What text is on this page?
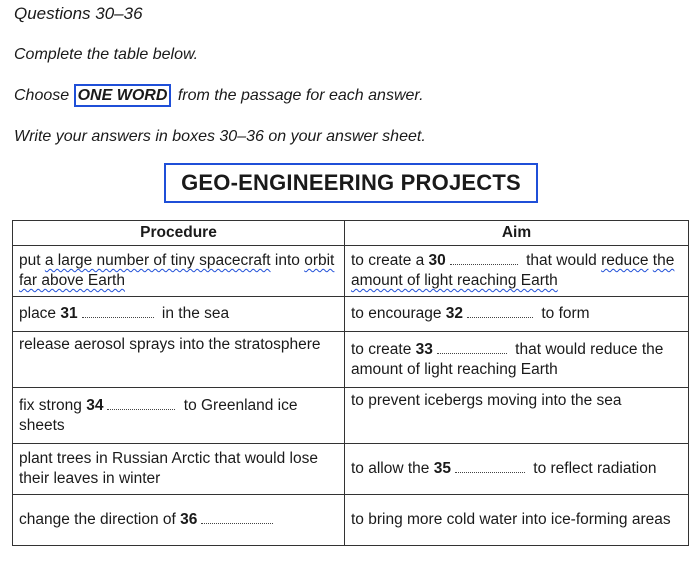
Questions 30–36
Complete the table below.
Choose ONE WORD from the passage for each answer.
Write your answers in boxes 30–36 on your answer sheet.
GEO-ENGINEERING PROJECTS
Procedure	Aim
put a large number of tiny spacecraft into orbit far above Earth	to create a 30 that would reduce the amount of light reaching Earth
place 31 in the sea	to encourage 32 to form
release aerosol sprays into the stratosphere	to create 33 that would reduce the amount of light reaching Earth
fix strong 34 to Greenland ice sheets	to prevent icebergs moving into the sea
plant trees in Russian Arctic that would lose their leaves in winter	to allow the 35 to reflect radiation
change the direction of 36	to bring more cold water into ice-forming areas
